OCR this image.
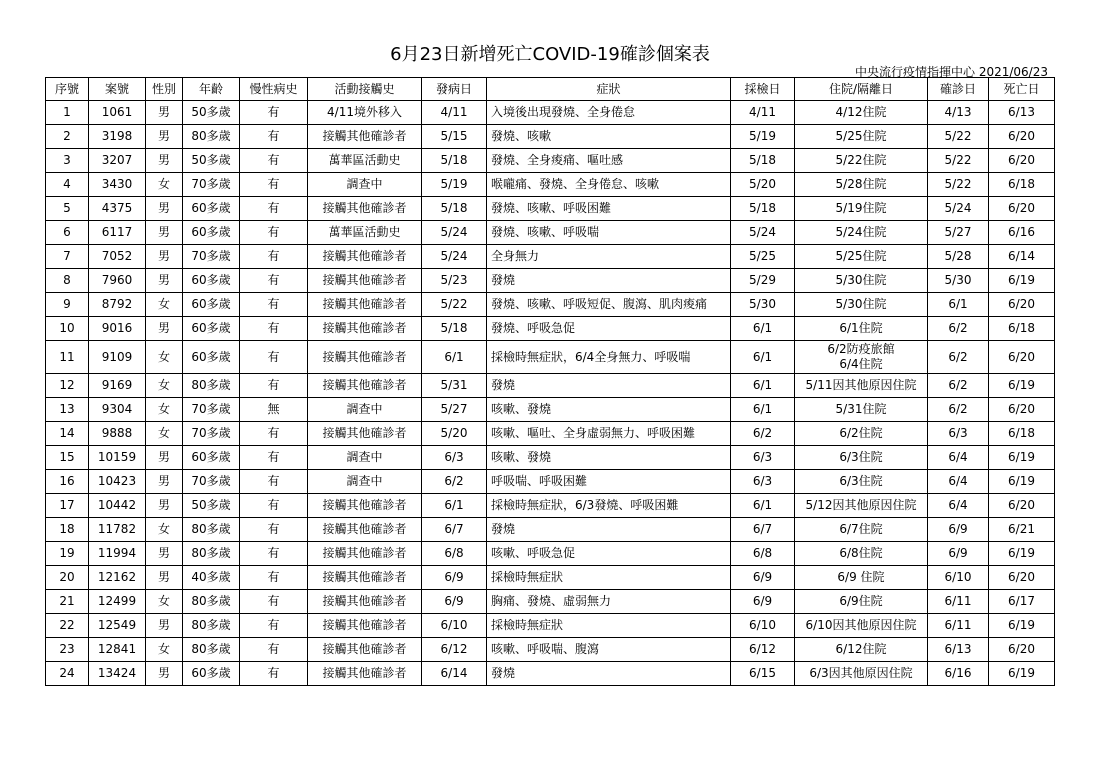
6月23日新增死亡COVID-19確診個案表
中央流行疫情指揮中心 2021/06/23
序號	案號	性別	年齡	慢性病史	活動接觸史	發病日	症狀	採檢日	住院/隔離日	確診日	死亡日
1	1061	男	50多歲	有	4/11境外移入	4/11	入境後出現發燒、全身倦怠	4/11	4/12住院	4/13	6/13
2	3198	男	80多歲	有	接觸其他確診者	5/15	發燒、咳嗽	5/19	5/25住院	5/22	6/20
3	3207	男	50多歲	有	萬華區活動史	5/18	發燒、全身痠痛、嘔吐感	5/18	5/22住院	5/22	6/20
4	3430	女	70多歲	有	調查中	5/19	喉嚨痛、發燒、全身倦怠、咳嗽	5/20	5/28住院	5/22	6/18
5	4375	男	60多歲	有	接觸其他確診者	5/18	發燒、咳嗽、呼吸困難	5/18	5/19住院	5/24	6/20
6	6117	男	60多歲	有	萬華區活動史	5/24	發燒、咳嗽、呼吸喘	5/24	5/24住院	5/27	6/16
7	7052	男	70多歲	有	接觸其他確診者	5/24	全身無力	5/25	5/25住院	5/28	6/14
8	7960	男	60多歲	有	接觸其他確診者	5/23	發燒	5/29	5/30住院	5/30	6/19
9	8792	女	60多歲	有	接觸其他確診者	5/22	發燒、咳嗽、呼吸短促、腹瀉、肌肉痠痛	5/30	5/30住院	6/1	6/20
10	9016	男	60多歲	有	接觸其他確診者	5/18	發燒、呼吸急促	6/1	6/1住院	6/2	6/18
11	9109	女	60多歲	有	接觸其他確診者	6/1	採檢時無症狀，6/4全身無力、呼吸喘	6/1	6/2防疫旅館
6/4住院	6/2	6/20
12	9169	女	80多歲	有	接觸其他確診者	5/31	發燒	6/1	5/11因其他原因住院	6/2	6/19
13	9304	女	70多歲	無	調查中	5/27	咳嗽、發燒	6/1	5/31住院	6/2	6/20
14	9888	女	70多歲	有	接觸其他確診者	5/20	咳嗽、嘔吐、全身虛弱無力、呼吸困難	6/2	6/2住院	6/3	6/18
15	10159	男	60多歲	有	調查中	6/3	咳嗽、發燒	6/3	6/3住院	6/4	6/19
16	10423	男	70多歲	有	調查中	6/2	呼吸喘、呼吸困難	6/3	6/3住院	6/4	6/19
17	10442	男	50多歲	有	接觸其他確診者	6/1	採檢時無症狀，6/3發燒、呼吸困難	6/1	5/12因其他原因住院	6/4	6/20
18	11782	女	80多歲	有	接觸其他確診者	6/7	發燒	6/7	6/7住院	6/9	6/21
19	11994	男	80多歲	有	接觸其他確診者	6/8	咳嗽、呼吸急促	6/8	6/8住院	6/9	6/19
20	12162	男	40多歲	有	接觸其他確診者	6/9	採檢時無症狀	6/9	6/9 住院	6/10	6/20
21	12499	女	80多歲	有	接觸其他確診者	6/9	胸痛、發燒、虛弱無力	6/9	6/9住院	6/11	6/17
22	12549	男	80多歲	有	接觸其他確診者	6/10	採檢時無症狀	6/10	6/10因其他原因住院	6/11	6/19
23	12841	女	80多歲	有	接觸其他確診者	6/12	咳嗽、呼吸喘、腹瀉	6/12	6/12住院	6/13	6/20
24	13424	男	60多歲	有	接觸其他確診者	6/14	發燒	6/15	6/3因其他原因住院	6/16	6/19
